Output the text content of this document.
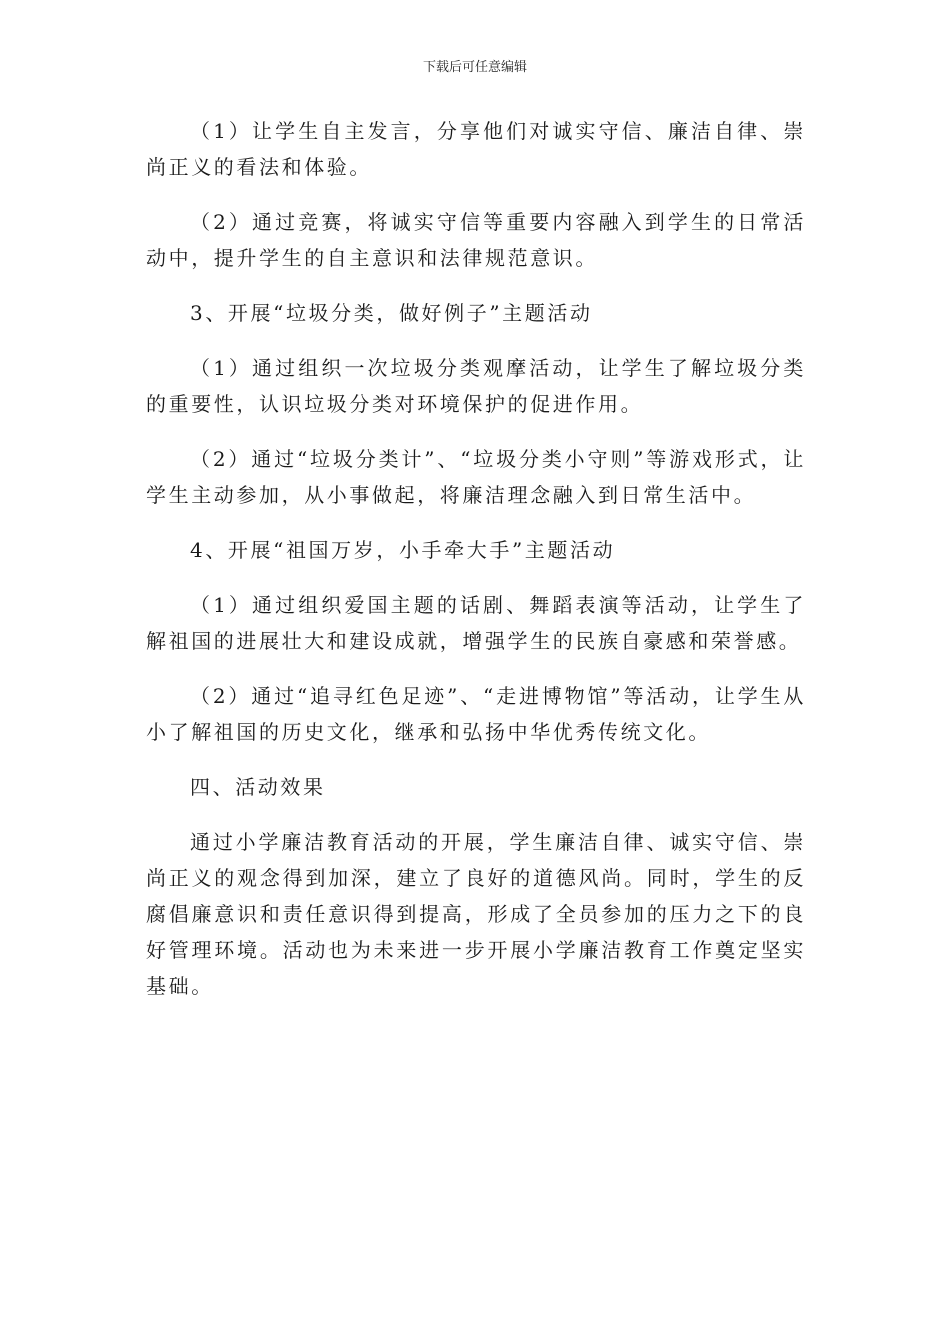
下载后可任意编辑

（1）让学生自主发言，分享他们对诚实守信、廉洁自律、崇尚正义的看法和体验。

（2）通过竞赛，将诚实守信等重要内容融入到学生的日常活动中，提升学生的自主意识和法律规范意识。

3、开展“垃圾分类，做好例子”主题活动

（1）通过组织一次垃圾分类观摩活动，让学生了解垃圾分类的重要性，认识垃圾分类对环境保护的促进作用。

（2）通过“垃圾分类计”、“垃圾分类小守则”等游戏形式，让学生主动参加，从小事做起，将廉洁理念融入到日常生活中。

4、开展“祖国万岁，小手牵大手”主题活动

（1）通过组织爱国主题的话剧、舞蹈表演等活动，让学生了解祖国的进展壮大和建设成就，增强学生的民族自豪感和荣誉感。

（2）通过“追寻红色足迹”、“走进博物馆”等活动，让学生从小了解祖国的历史文化，继承和弘扬中华优秀传统文化。

四、活动效果

通过小学廉洁教育活动的开展，学生廉洁自律、诚实守信、崇尚正义的观念得到加深，建立了良好的道德风尚。同时，学生的反腐倡廉意识和责任意识得到提高，形成了全员参加的压力之下的良好管理环境。活动也为未来进一步开展小学廉洁教育工作奠定坚实基础。
